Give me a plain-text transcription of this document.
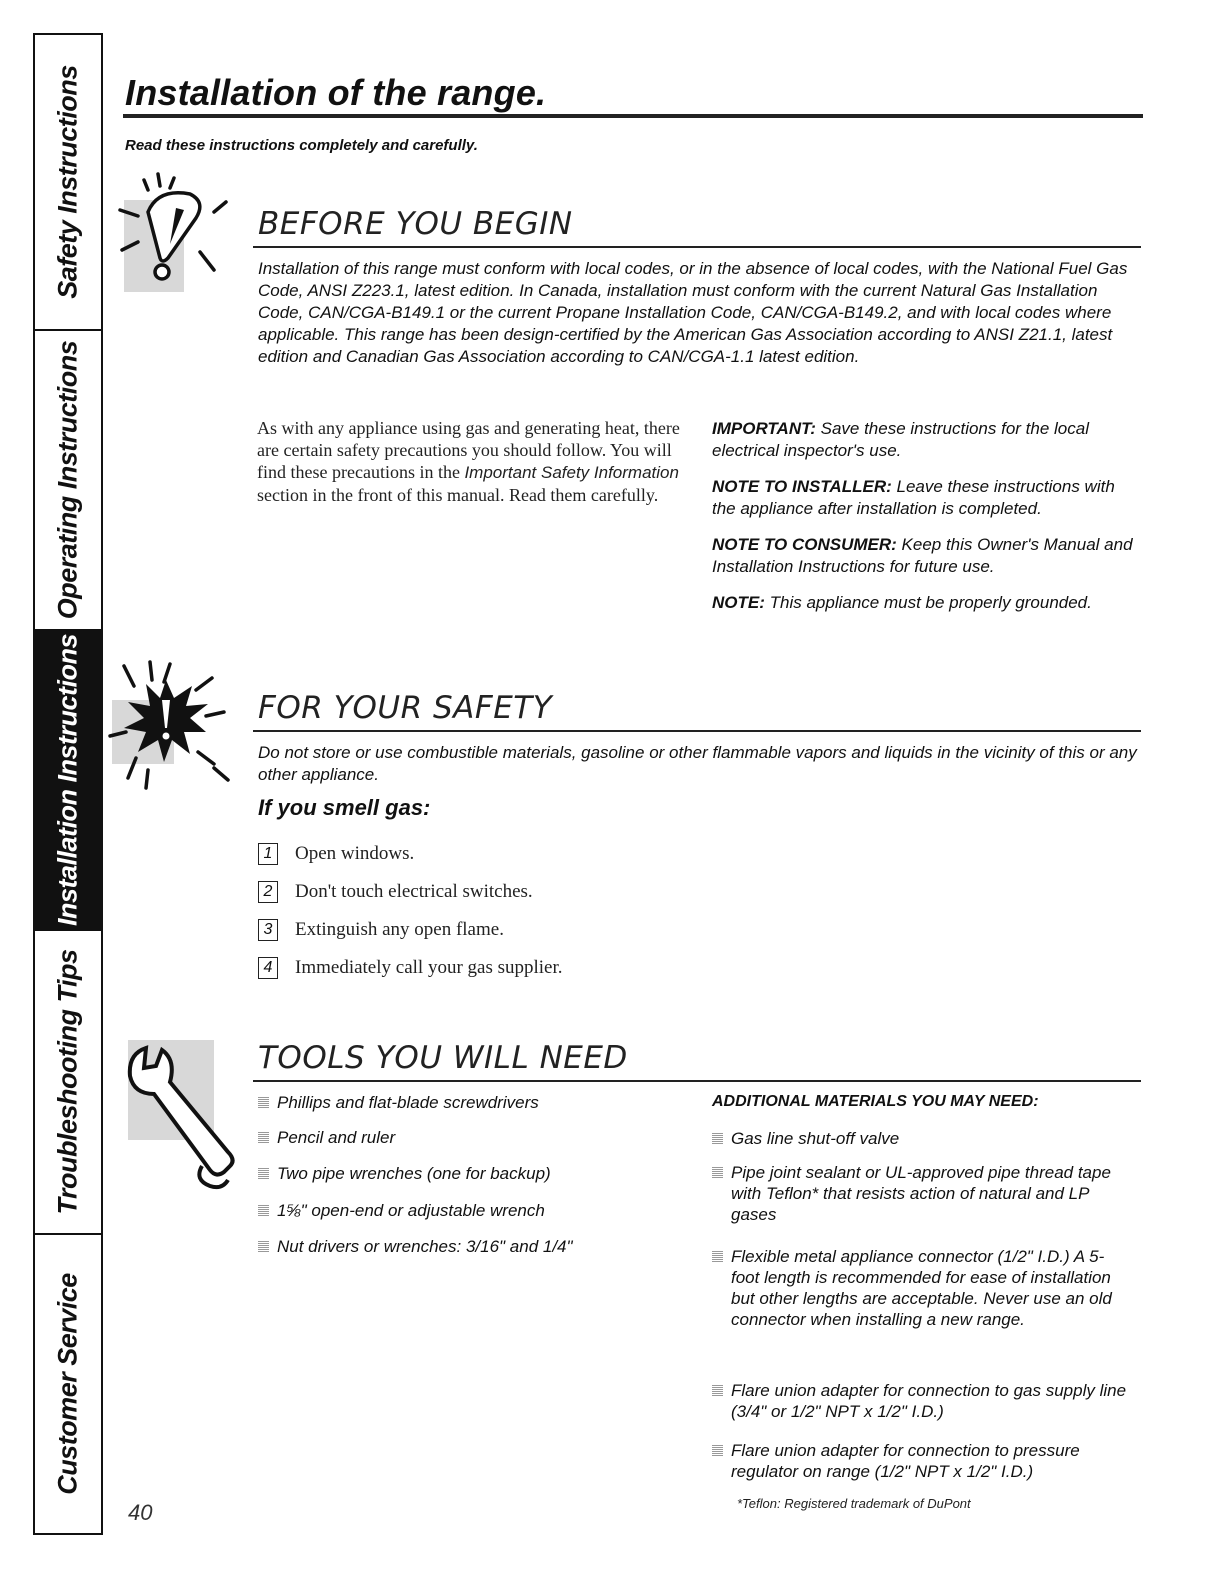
Safety Instructions
Operating Instructions
Installation Instructions
Troubleshooting Tips
Customer Service
Installation of the range.
Read these instructions completely and carefully.
BEFORE YOU BEGIN
Installation of this range must conform with local codes, or in the absence of local codes, with the National Fuel Gas Code, ANSI Z223.1, latest edition. In Canada, installation must conform with the current Natural Gas Installation Code, CAN/CGA-B149.1 or the current Propane Installation Code, CAN/CGA-B149.2, and with local codes where applicable. This range has been design-certified by the American Gas Association according to ANSI Z21.1, latest edition and Canadian Gas Association according to CAN/CGA-1.1 latest edition.
As with any appliance using gas and generating heat, there are certain safety precautions you should follow. You will find these precautions in the Important Safety Information section in the front of this manual. Read them carefully.

IMPORTANT: Save these instructions for the local electrical inspector's use.

NOTE TO INSTALLER: Leave these instructions with the appliance after installation is completed.

NOTE TO CONSUMER: Keep this Owner's Manual and Installation Instructions for future use.

NOTE: This appliance must be properly grounded.

FOR YOUR SAFETY
Do not store or use combustible materials, gasoline or other flammable vapors and liquids in the vicinity of this or any other appliance.
If you smell gas:
1 Open windows.
2 Don't touch electrical switches.
3 Extinguish any open flame.
4 Immediately call your gas supplier.
TOOLS YOU WILL NEED
Phillips and flat-blade screwdrivers
Pencil and ruler
Two pipe wrenches (one for backup)
1⅝" open-end or adjustable wrench
Nut drivers or wrenches: 3/16" and 1/4"
ADDITIONAL MATERIALS YOU MAY NEED:
Gas line shut-off valve
Pipe joint sealant or UL-approved pipe thread tape with Teflon* that resists action of natural and LP gases
Flexible metal appliance connector (1/2" I.D.) A 5-foot length is recommended for ease of installation but other lengths are acceptable. Never use an old connector when installing a new range.
Flare union adapter for connection to gas supply line (3/4" or 1/2" NPT x 1/2" I.D.)
Flare union adapter for connection to pressure regulator on range (1/2" NPT x 1/2" I.D.)
*Teflon: Registered trademark of DuPont
40
